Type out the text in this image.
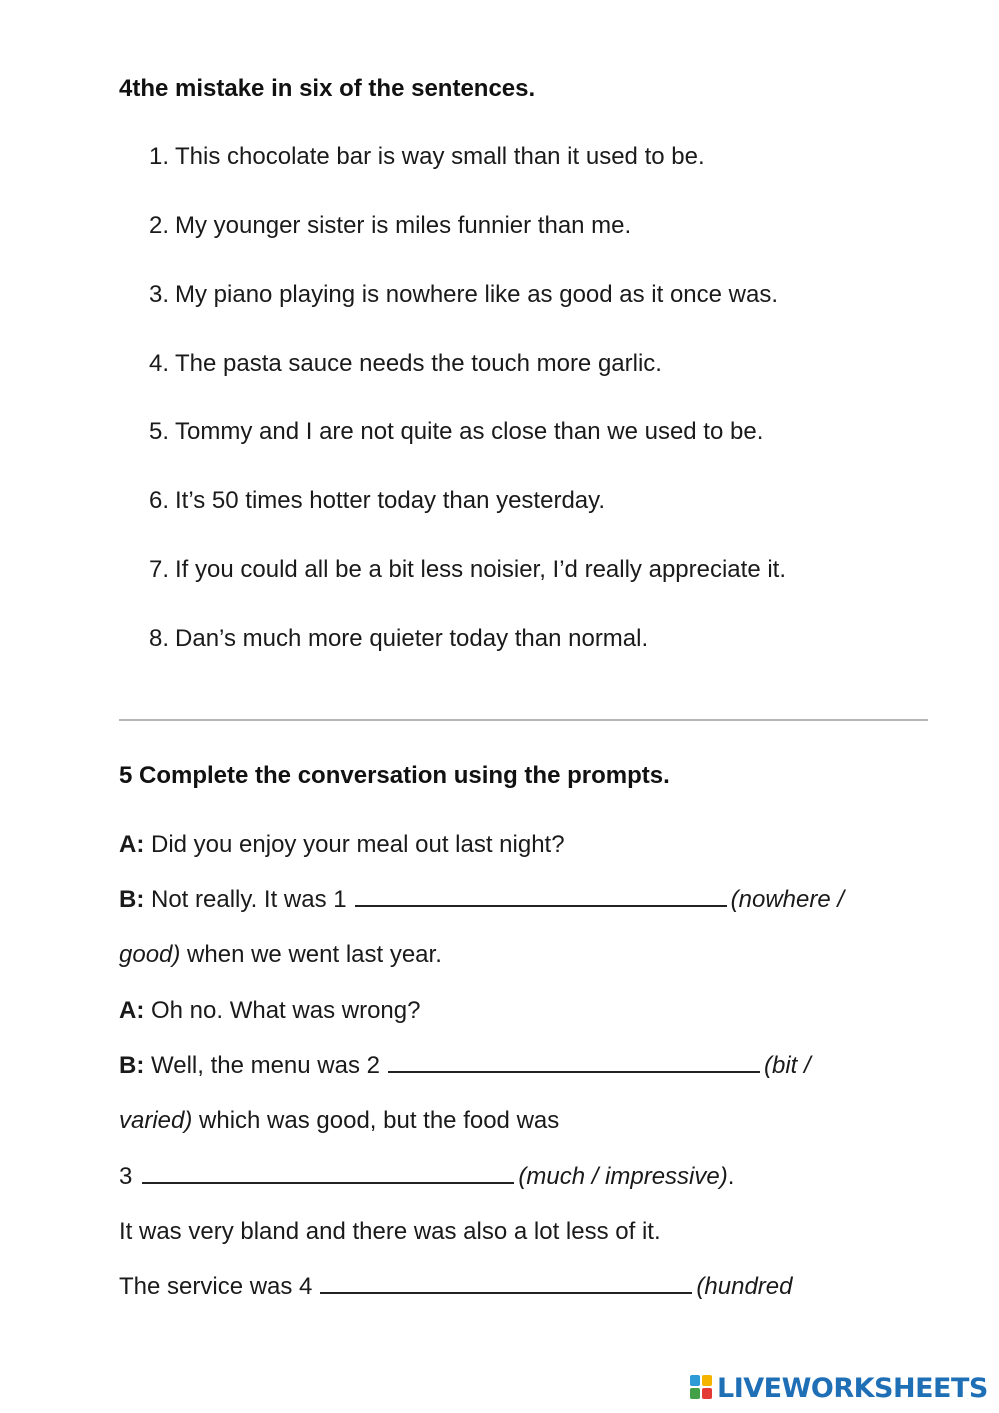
4the mistake in six of the sentences.
1. This chocolate bar is way small than it used to be.
2. My younger sister is miles funnier than me.
3. My piano playing is nowhere like as good as it once was.
4. The pasta sauce needs the touch more garlic.
5. Tommy and I are not quite as close than we used to be.
6. It’s 50 times hotter today than yesterday.
7. If you could all be a bit less noisier, I’d really appreciate it.
8. Dan’s much more quieter today than normal.
5 Complete the conversation using the prompts.
A: Did you enjoy your meal out last night?
B: Not really. It was 1	(nowhere /
good) when we went last year.
A: Oh no. What was wrong?
B: Well, the menu was 2	(bit /
varied) which was good, but the food was
3	(much / impressive).
It was very bland and there was also a lot less of it.
The service was 4	(hundred
LIVEWORKSHEETS
